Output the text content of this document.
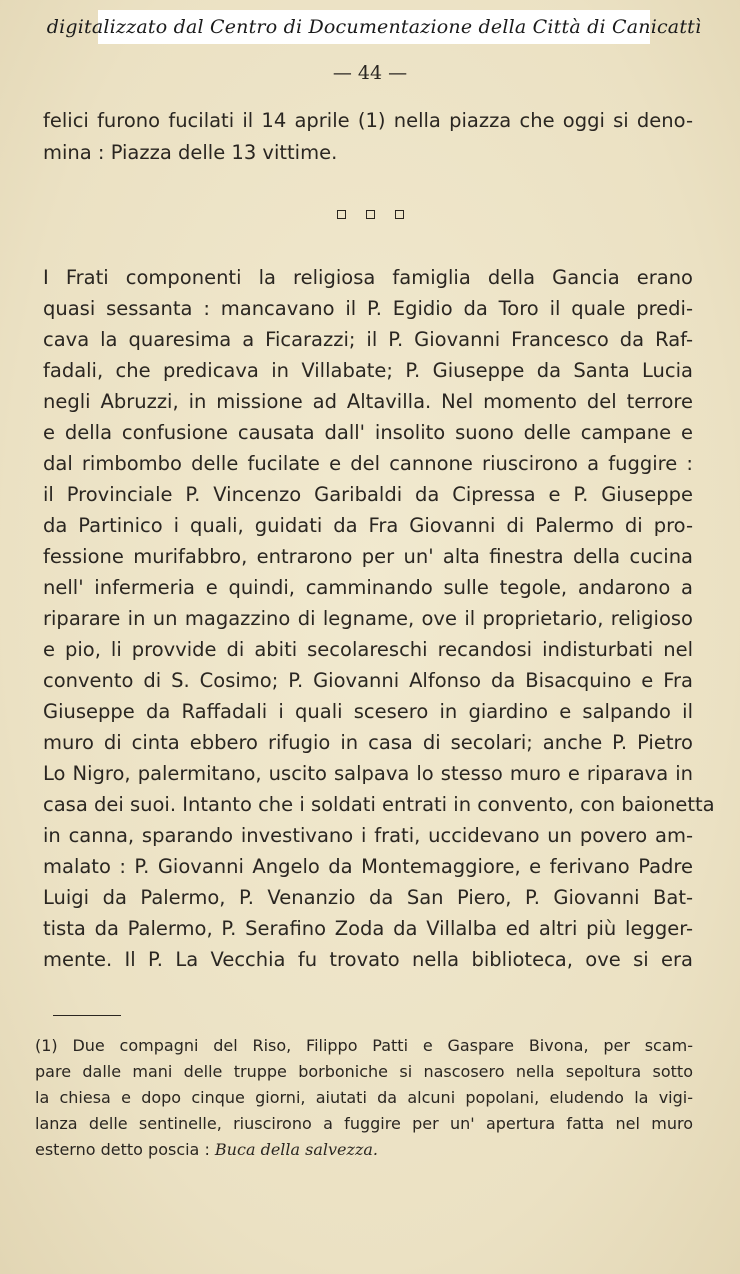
digitalizzato dal Centro di Documentazione della Città di Canicattì
— 44 —
felici furono fucilati il 14 aprile (1) nella piazza che oggi si deno-
mina : Piazza delle 13 vittime.
I Frati componenti la religiosa famiglia della Gancia erano
quasi sessanta : mancavano il P. Egidio da Toro il quale predi-
cava la quaresima a Ficarazzi; il P. Giovanni Francesco da Raf-
fadali, che predicava in Villabate; P. Giuseppe da Santa Lucia
negli Abruzzi, in missione ad Altavilla. Nel momento del terrore
e della confusione causata dall' insolito suono delle campane e
dal rimbombo delle fucilate e del cannone riuscirono a fuggire :
il Provinciale P. Vincenzo Garibaldi da Cipressa e P. Giuseppe
da Partinico i quali, guidati da Fra Giovanni di Palermo di pro-
fessione murifabbro, entrarono per un' alta finestra della cucina
nell' infermeria e quindi, camminando sulle tegole, andarono a
riparare in un magazzino di legname, ove il proprietario, religioso
e pio, li provvide di abiti secolareschi recandosi indisturbati nel
convento di S. Cosimo; P. Giovanni Alfonso da Bisacquino e Fra
Giuseppe da Raffadali i quali scesero in giardino e salpando il
muro di cinta ebbero rifugio in casa di secolari; anche P. Pietro
Lo Nigro, palermitano, uscito salpava lo stesso muro e riparava in
casa dei suoi. Intanto che i soldati entrati in convento, con baionetta
in canna, sparando investivano i frati, uccidevano un povero am-
malato : P. Giovanni Angelo da Montemaggiore, e ferivano Padre
Luigi da Palermo, P. Venanzio da San Piero, P. Giovanni Bat-
tista da Palermo, P. Serafino Zoda da Villalba ed altri più legger-
mente. Il P. La Vecchia fu trovato nella biblioteca, ove si era
(1) Due compagni del Riso, Filippo Patti e Gaspare Bivona, per scam-
pare dalle mani delle truppe borboniche si nascosero nella sepoltura sotto
la chiesa e dopo cinque giorni, aiutati da alcuni popolani, eludendo la vigi-
lanza delle sentinelle, riuscirono a fuggire per un' apertura fatta nel muro
esterno detto poscia : Buca della salvezza.
